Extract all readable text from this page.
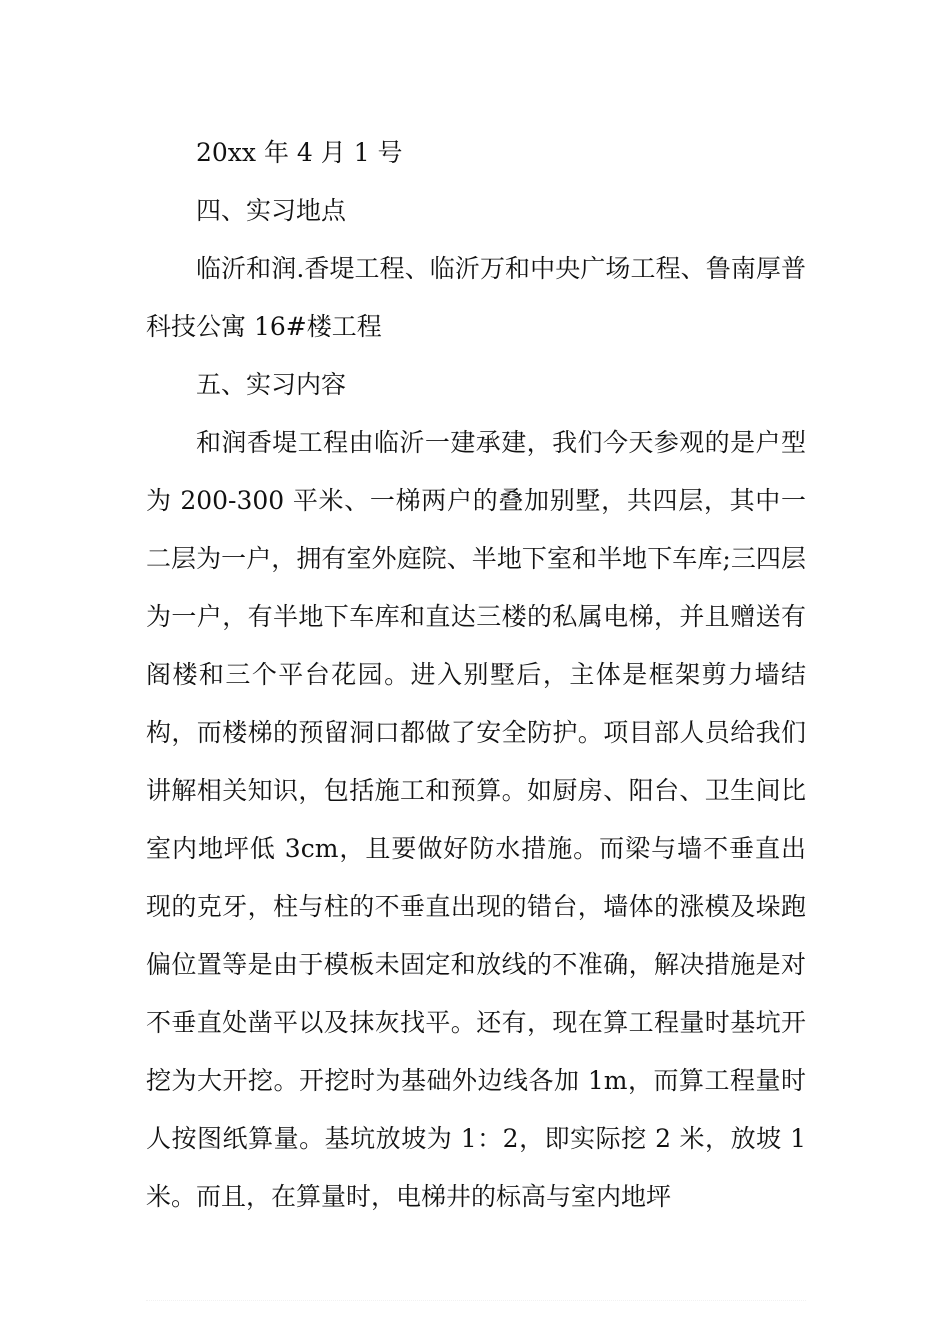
20xx 年 4 月 1 号

四、实习地点

临沂和润.香堤工程、临沂万和中央广场工程、鲁南厚普科技公寓 16#楼工程

五、实习内容

和润香堤工程由临沂一建承建，我们今天参观的是户型为 200-300 平米、一梯两户的叠加别墅，共四层，其中一二层为一户，拥有室外庭院、半地下室和半地下车库;三四层为一户，有半地下车库和直达三楼的私属电梯，并且赠送有阁楼和三个平台花园。进入别墅后，主体是框架剪力墙结构，而楼梯的预留洞口都做了安全防护。项目部人员给我们讲解相关知识，包括施工和预算。如厨房、阳台、卫生间比室内地坪低 3cm，且要做好防水措施。而梁与墙不垂直出现的克牙，柱与柱的不垂直出现的错台，墙体的涨模及垛跑偏位置等是由于模板未固定和放线的不准确，解决措施是对不垂直处凿平以及抹灰找平。还有，现在算工程量时基坑开挖为大开挖。开挖时为基础外边线各加 1m，而算工程量时人按图纸算量。基坑放坡为 1：2，即实际挖 2 米，放坡 1 米。而且，在算量时，电梯井的标高与室内地坪
